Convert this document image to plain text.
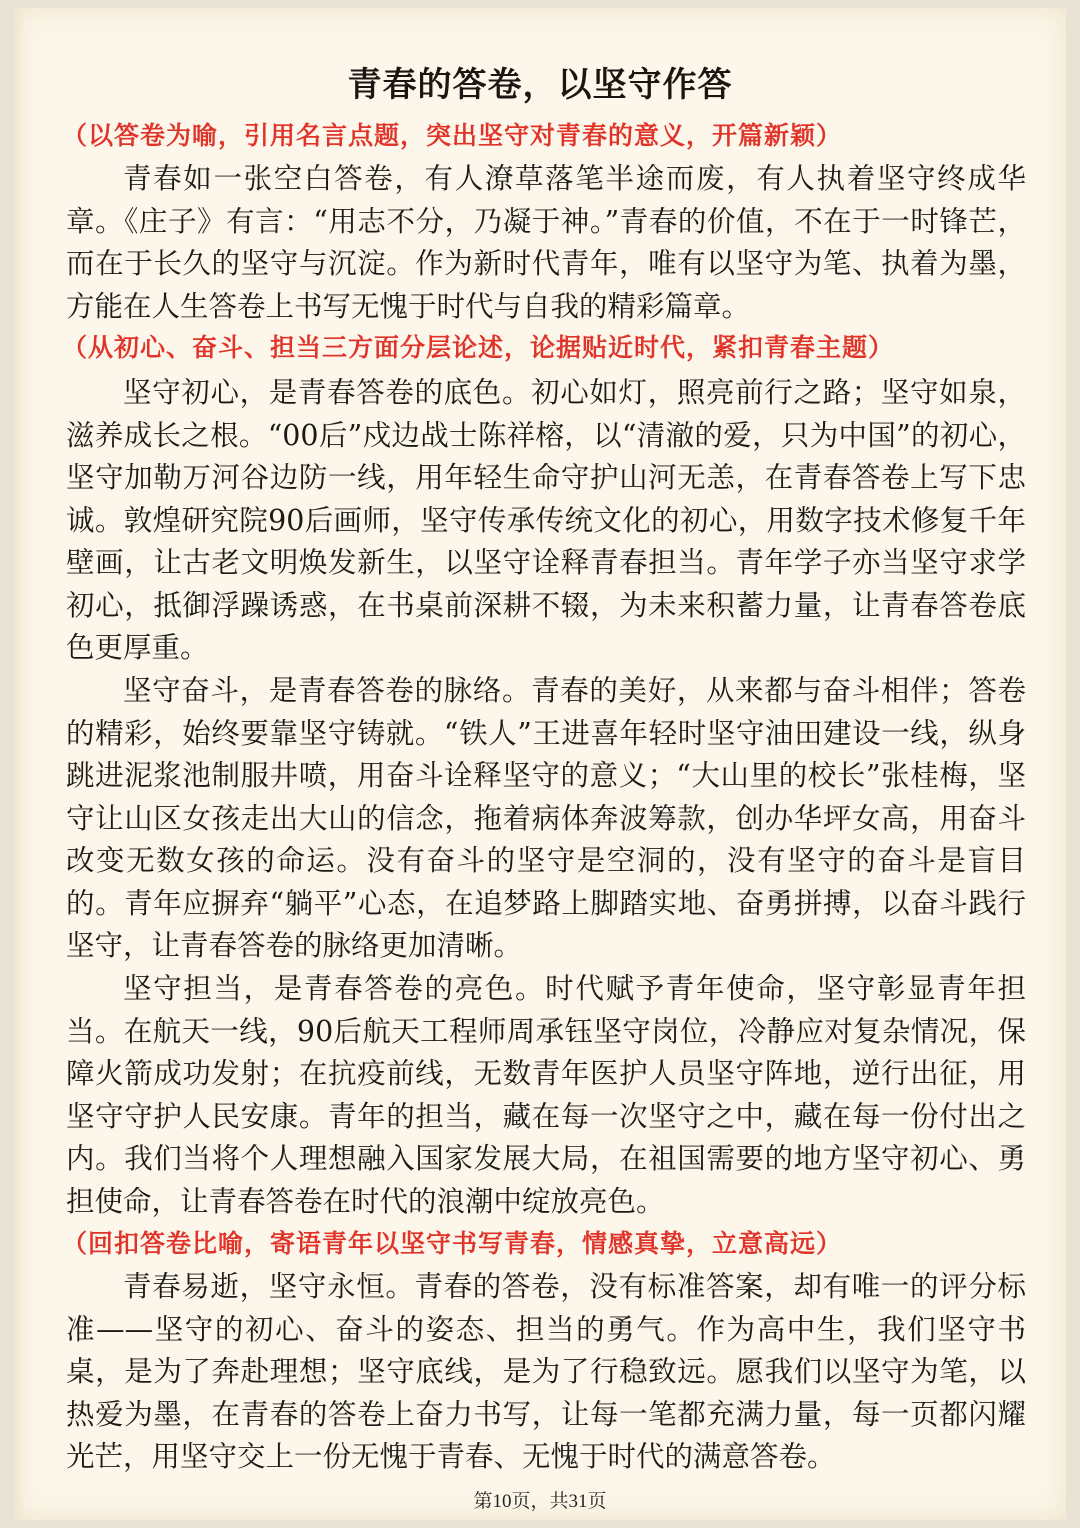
青春的答卷，以坚守作答
（以答卷为喻，引用名言点题，突出坚守对青春的意义，开篇新颖）

青春如一张空白答卷，有人潦草落笔半途而废，有人执着坚守终成华章。《庄子》有言：“用志不分，乃凝于神。”青春的价值，不在于一时锋芒，而在于长久的坚守与沉淀。作为新时代青年，唯有以坚守为笔、执着为墨，方能在人生答卷上书写无愧于时代与自我的精彩篇章。

（从初心、奋斗、担当三方面分层论述，论据贴近时代，紧扣青春主题）

坚守初心，是青春答卷的底色。初心如灯，照亮前行之路；坚守如泉，滋养成长之根。“00后”戍边战士陈祥榕，以“清澈的爱，只为中国”的初心，坚守加勒万河谷边防一线，用年轻生命守护山河无恙，在青春答卷上写下忠诚。敦煌研究院90后画师，坚守传承传统文化的初心，用数字技术修复千年壁画，让古老文明焕发新生，以坚守诠释青春担当。青年学子亦当坚守求学初心，抵御浮躁诱惑，在书桌前深耕不辍，为未来积蓄力量，让青春答卷底色更厚重。

坚守奋斗，是青春答卷的脉络。青春的美好，从来都与奋斗相伴；答卷的精彩，始终要靠坚守铸就。“铁人”王进喜年轻时坚守油田建设一线，纵身跳进泥浆池制服井喷，用奋斗诠释坚守的意义；“大山里的校长”张桂梅，坚守让山区女孩走出大山的信念，拖着病体奔波筹款，创办华坪女高，用奋斗改变无数女孩的命运。没有奋斗的坚守是空洞的，没有坚守的奋斗是盲目的。青年应摒弃“躺平”心态，在追梦路上脚踏实地、奋勇拼搏，以奋斗践行坚守，让青春答卷的脉络更加清晰。

坚守担当，是青春答卷的亮色。时代赋予青年使命，坚守彰显青年担当。在航天一线，90后航天工程师周承钰坚守岗位，冷静应对复杂情况，保障火箭成功发射；在抗疫前线，无数青年医护人员坚守阵地，逆行出征，用坚守守护人民安康。青年的担当，藏在每一次坚守之中，藏在每一份付出之内。我们当将个人理想融入国家发展大局，在祖国需要的地方坚守初心、勇担使命，让青春答卷在时代的浪潮中绽放亮色。

（回扣答卷比喻，寄语青年以坚守书写青春，情感真挚，立意高远）

青春易逝，坚守永恒。青春的答卷，没有标准答案，却有唯一的评分标准——坚守的初心、奋斗的姿态、担当的勇气。作为高中生，我们坚守书桌，是为了奔赴理想；坚守底线，是为了行稳致远。愿我们以坚守为笔，以热爱为墨，在青春的答卷上奋力书写，让每一笔都充满力量，每一页都闪耀光芒，用坚守交上一份无愧于青春、无愧于时代的满意答卷。

第10页，共31页
